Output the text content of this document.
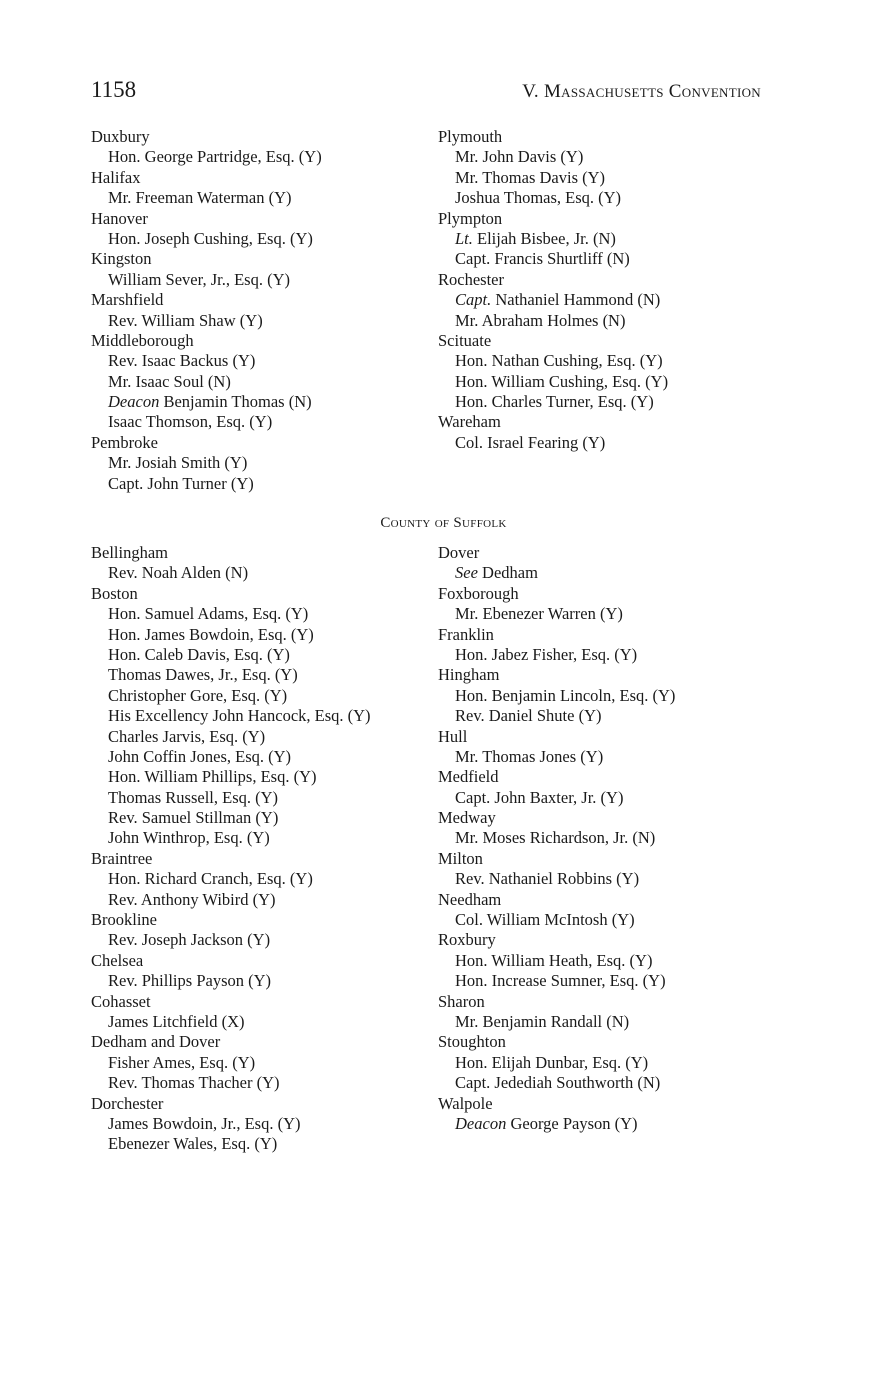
1158	V. Massachusetts Convention
Duxbury
Hon. George Partridge, Esq. (Y)
Halifax
Mr. Freeman Waterman (Y)
Hanover
Hon. Joseph Cushing, Esq. (Y)
Kingston
William Sever, Jr., Esq. (Y)
Marshfield
Rev. William Shaw (Y)
Middleborough
Rev. Isaac Backus (Y)
Mr. Isaac Soul (N)
Deacon Benjamin Thomas (N)
Isaac Thomson, Esq. (Y)
Pembroke
Mr. Josiah Smith (Y)
Capt. John Turner (Y)
Plymouth
Mr. John Davis (Y)
Mr. Thomas Davis (Y)
Joshua Thomas, Esq. (Y)
Plympton
Lt. Elijah Bisbee, Jr. (N)
Capt. Francis Shurtliff (N)
Rochester
Capt. Nathaniel Hammond (N)
Mr. Abraham Holmes (N)
Scituate
Hon. Nathan Cushing, Esq. (Y)
Hon. William Cushing, Esq. (Y)
Hon. Charles Turner, Esq. (Y)
Wareham
Col. Israel Fearing (Y)
County of Suffolk
Bellingham
Rev. Noah Alden (N)
Boston
Hon. Samuel Adams, Esq. (Y)
Hon. James Bowdoin, Esq. (Y)
Hon. Caleb Davis, Esq. (Y)
Thomas Dawes, Jr., Esq. (Y)
Christopher Gore, Esq. (Y)
His Excellency John Hancock, Esq. (Y)
Charles Jarvis, Esq. (Y)
John Coffin Jones, Esq. (Y)
Hon. William Phillips, Esq. (Y)
Thomas Russell, Esq. (Y)
Rev. Samuel Stillman (Y)
John Winthrop, Esq. (Y)
Braintree
Hon. Richard Cranch, Esq. (Y)
Rev. Anthony Wibird (Y)
Brookline
Rev. Joseph Jackson (Y)
Chelsea
Rev. Phillips Payson (Y)
Cohasset
James Litchfield (X)
Dedham and Dover
Fisher Ames, Esq. (Y)
Rev. Thomas Thacher (Y)
Dorchester
James Bowdoin, Jr., Esq. (Y)
Ebenezer Wales, Esq. (Y)
Dover
See Dedham
Foxborough
Mr. Ebenezer Warren (Y)
Franklin
Hon. Jabez Fisher, Esq. (Y)
Hingham
Hon. Benjamin Lincoln, Esq. (Y)
Rev. Daniel Shute (Y)
Hull
Mr. Thomas Jones (Y)
Medfield
Capt. John Baxter, Jr. (Y)
Medway
Mr. Moses Richardson, Jr. (N)
Milton
Rev. Nathaniel Robbins (Y)
Needham
Col. William McIntosh (Y)
Roxbury
Hon. William Heath, Esq. (Y)
Hon. Increase Sumner, Esq. (Y)
Sharon
Mr. Benjamin Randall (N)
Stoughton
Hon. Elijah Dunbar, Esq. (Y)
Capt. Jedediah Southworth (N)
Walpole
Deacon George Payson (Y)
